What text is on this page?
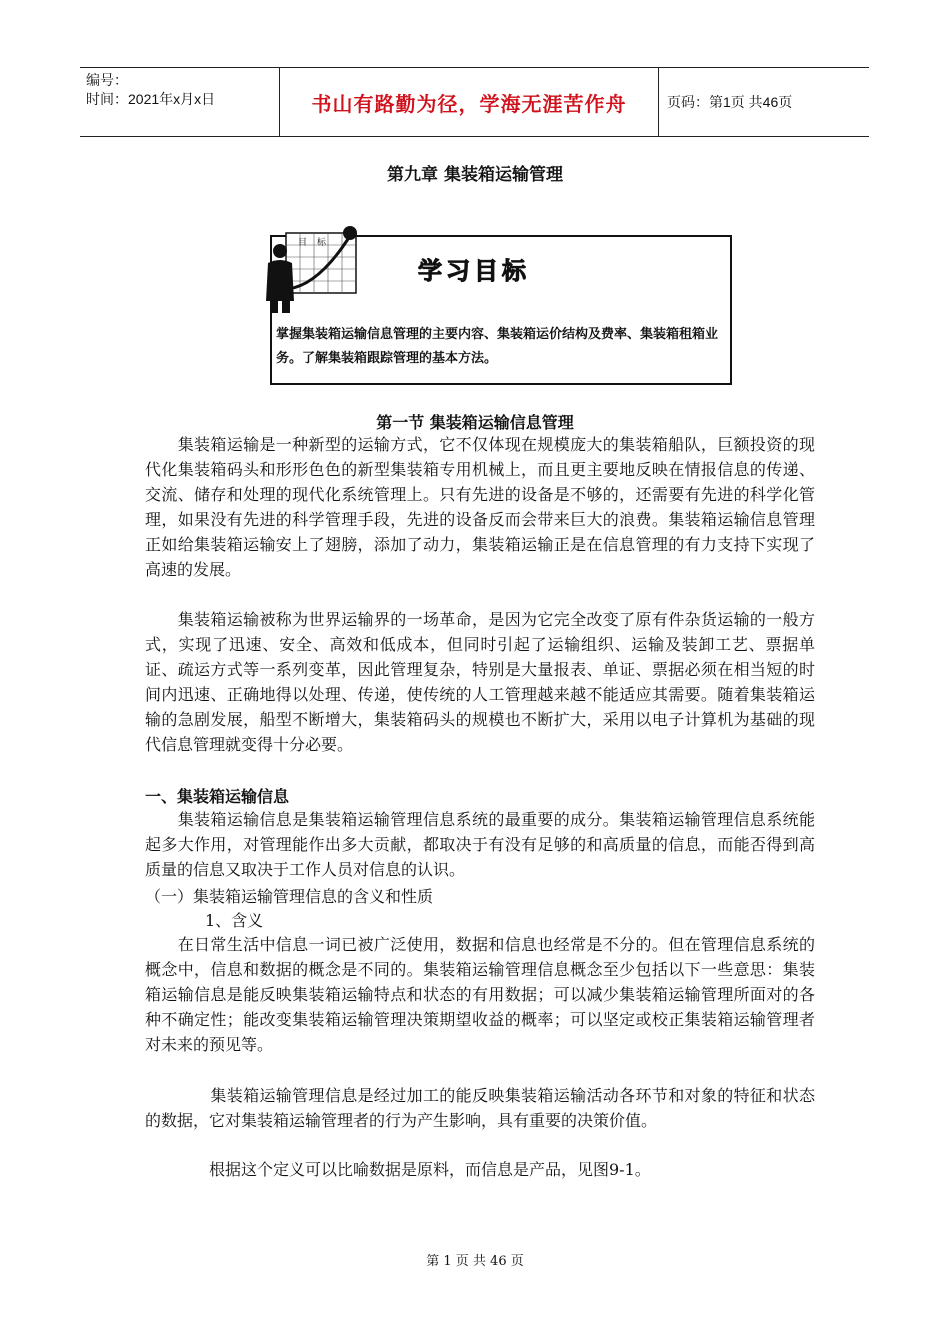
编号：
时间：2021年x月x日	书山有路勤为径，学海无涯苦作舟	页码：第1页 共46页
第九章 集装箱运输管理
目标
学习目标
掌握集装箱运输信息管理的主要内容、集装箱运价结构及费率、集装箱租箱业务。了解集装箱跟踪管理的基本方法。
第一节 集装箱运输信息管理

　　集装箱运输是一种新型的运输方式，它不仅体现在规模庞大的集装箱船队，巨额投资的现代化集装箱码头和形形色色的新型集装箱专用机械上，而且更主要地反映在情报信息的传递、交流、储存和处理的现代化系统管理上。只有先进的设备是不够的，还需要有先进的科学化管理，如果没有先进的科学管理手段，先进的设备反而会带来巨大的浪费。集装箱运输信息管理正如给集装箱运输安上了翅膀，添加了动力，集装箱运输正是在信息管理的有力支持下实现了高速的发展。

　　集装箱运输被称为世界运输界的一场革命，是因为它完全改变了原有件杂货运输的一般方式，实现了迅速、安全、高效和低成本，但同时引起了运输组织、运输及装卸工艺、票据单证、疏运方式等一系列变革，因此管理复杂，特别是大量报表、单证、票据必须在相当短的时间内迅速、正确地得以处理、传递，使传统的人工管理越来越不能适应其需要。随着集装箱运输的急剧发展，船型不断增大，集装箱码头的规模也不断扩大，采用以电子计算机为基础的现代信息管理就变得十分必要。

一、集装箱运输信息

　　集装箱运输信息是集装箱运输管理信息系统的最重要的成分。集装箱运输管理信息系统能起多大作用，对管理能作出多大贡献，都取决于有没有足够的和高质量的信息，而能否得到高质量的信息又取决于工作人员对信息的认识。

（一）集装箱运输管理信息的含义和性质
1、含义

　　在日常生活中信息一词已被广泛使用，数据和信息也经常是不分的。但在管理信息系统的概念中，信息和数据的概念是不同的。集装箱运输管理信息概念至少包括以下一些意思：集装箱运输信息是能反映集装箱运输特点和状态的有用数据；可以减少集装箱运输管理所面对的各种不确定性；能改变集装箱运输管理决策期望收益的概率；可以坚定或校正集装箱运输管理者对未来的预见等。

　　　　集装箱运输管理信息是经过加工的能反映集装箱运输活动各环节和对象的特征和状态的数据，它对集装箱运输管理者的行为产生影响，具有重要的决策价值。

　　　　根据这个定义可以比喻数据是原料，而信息是产品，见图9-1。

第 1 页 共 46 页
